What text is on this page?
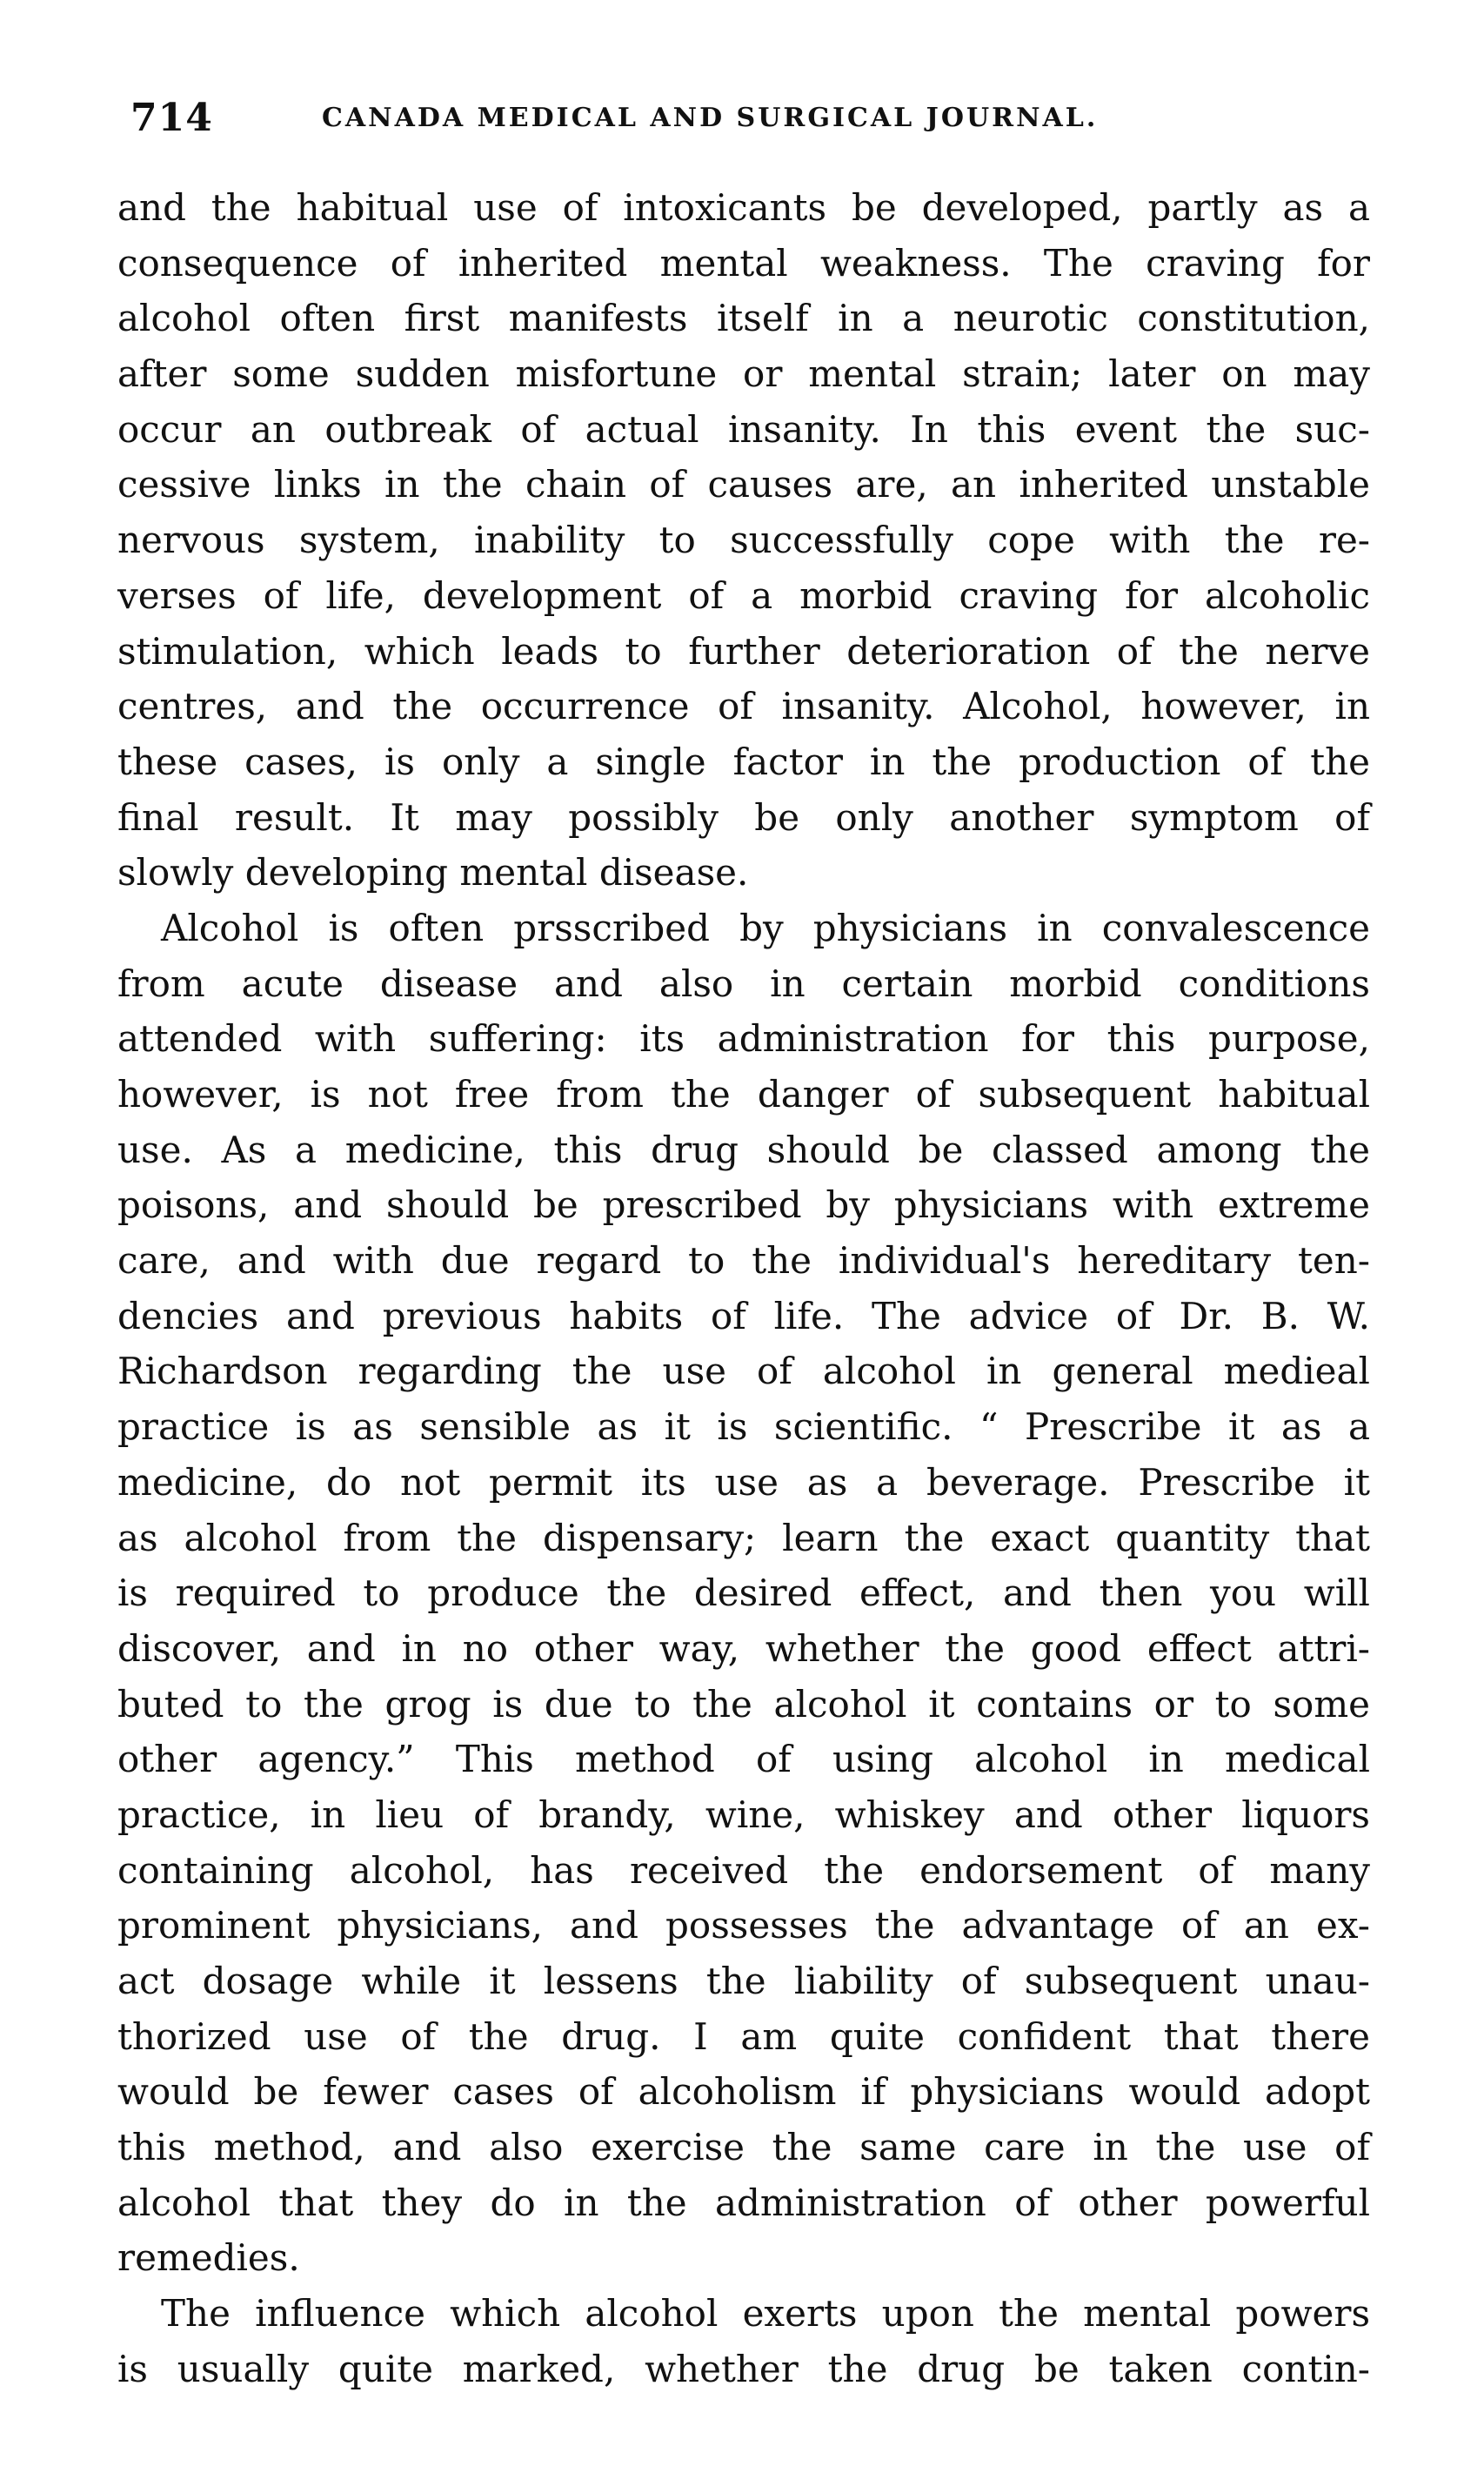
714	CANADA MEDICAL AND SURGICAL JOURNAL.
and the habitual use of intoxicants be developed, partly as a
consequence of inherited mental weakness. The craving for
alcohol often first manifests itself in a neurotic constitution,
after some sudden misfortune or mental strain; later on may
occur an outbreak of actual insanity. In this event the suc-
cessive links in the chain of causes are, an inherited unstable
nervous system, inability to successfully cope with the re-
verses of life, development of a morbid craving for alcoholic
stimulation, which leads to further deterioration of the nerve
centres, and the occurrence of insanity. Alcohol, however, in
these cases, is only a single factor in the production of the
final result. It may possibly be only another symptom of
slowly developing mental disease.
Alcohol is often prsscribed by physicians in convalescence
from acute disease and also in certain morbid conditions
attended with suffering: its administration for this purpose,
however, is not free from the danger of subsequent habitual
use. As a medicine, this drug should be classed among the
poisons, and should be prescribed by physicians with extreme
care, and with due regard to the individual's hereditary ten-
dencies and previous habits of life. The advice of Dr. B. W.
Richardson regarding the use of alcohol in general medieal
practice is as sensible as it is scientific. “ Prescribe it as a
medicine, do not permit its use as a beverage. Prescribe it
as alcohol from the dispensary; learn the exact quantity that
is required to produce the desired effect, and then you will
discover, and in no other way, whether the good effect attri-
buted to the grog is due to the alcohol it contains or to some
other agency.” This method of using alcohol in medical
practice, in lieu of brandy, wine, whiskey and other liquors
containing alcohol, has received the endorsement of many
prominent physicians, and possesses the advantage of an ex-
act dosage while it lessens the liability of subsequent unau-
thorized use of the drug. I am quite confident that there
would be fewer cases of alcoholism if physicians would adopt
this method, and also exercise the same care in the use of
alcohol that they do in the administration of other powerful
remedies.
The influence which alcohol exerts upon the mental powers
is usually quite marked, whether the drug be taken contin-
